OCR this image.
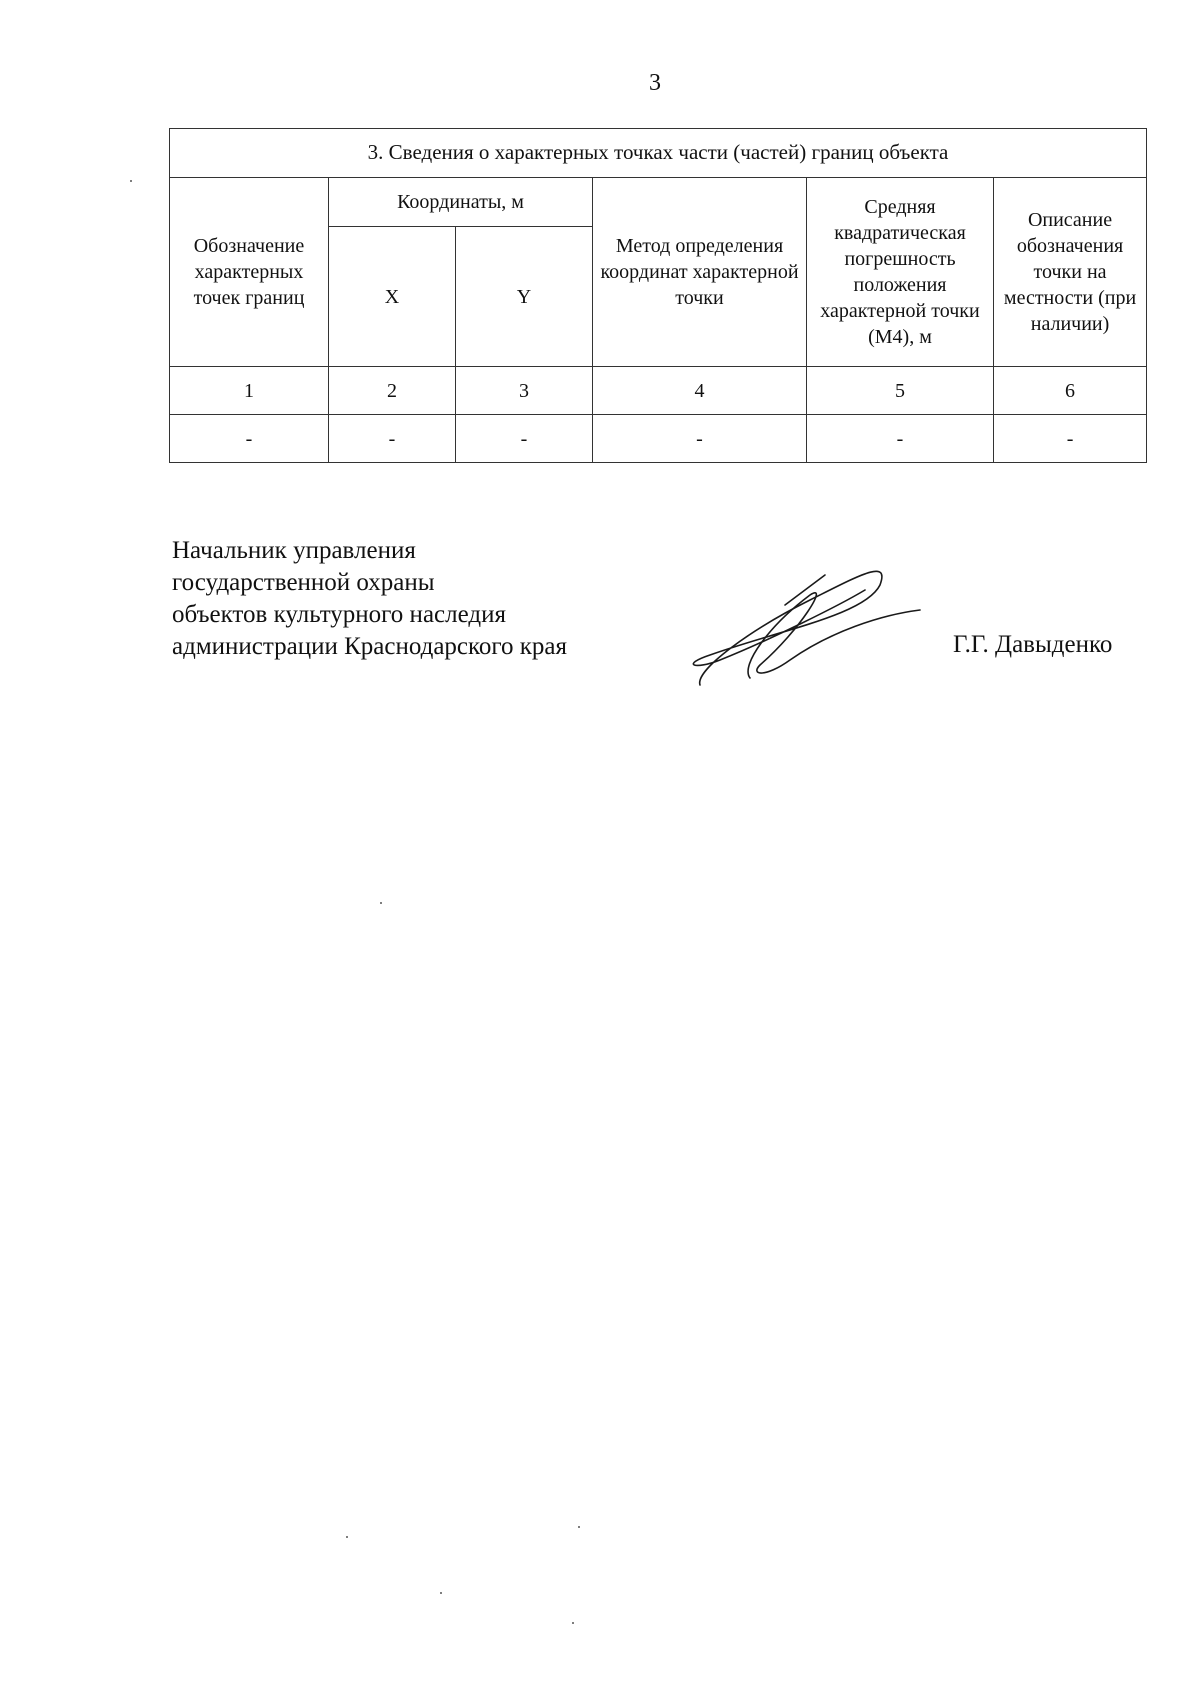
3
3. Сведения о характерных точках части (частей) границ объекта					
Обозначение характерных точек границ	Координаты, м		Метод определения координат характерной точки	Средняя квадратическая погрешность положения характерной точки (М4), м	Описание обозначения точки на местности (при наличии)
	X	Y			
1	2	3	4	5	6
-	-	-	-	-	-
Начальник управления
государственной охраны
объектов культурного наследия
администрации Краснодарского края	Г.Г. Давыденко
